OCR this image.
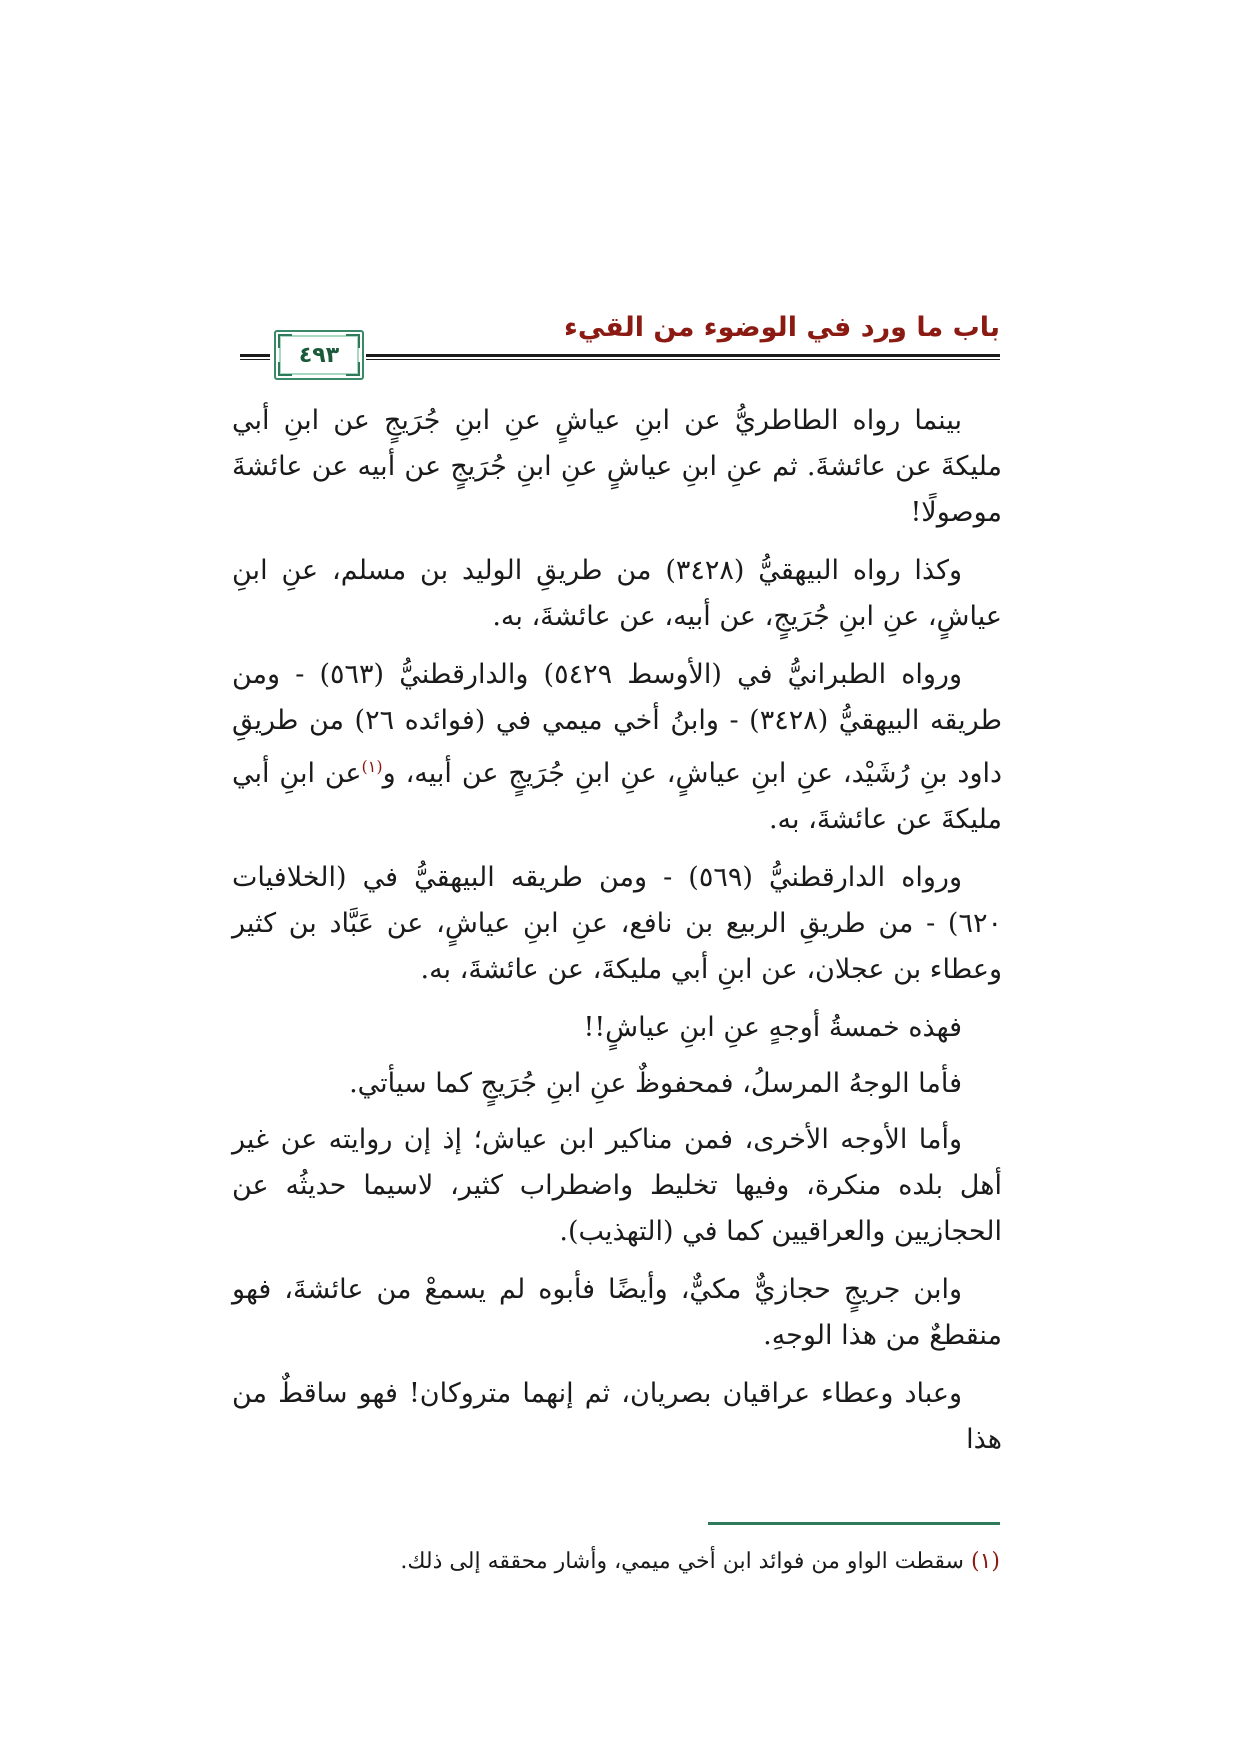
باب ما ورد في الوضوء من القيء
٤٩٣

بينما رواه الطاطريُّ عن ابنِ عياشٍ عنِ ابنِ جُرَيجٍ عن ابنِ أبي مليكةَ عن عائشةَ. ثم عنِ ابنِ عياشٍ عنِ ابنِ جُرَيجٍ عن أبيه عن عائشةَ موصولًا!

وكذا رواه البيهقيُّ (٣٤٢٨) من طريقِ الوليد بن مسلم، عنِ ابنِ عياشٍ، عنِ ابنِ جُرَيجٍ، عن أبيه، عن عائشةَ، به.

ورواه الطبرانيُّ في (الأوسط ٥٤٢٩) والدارقطنيُّ (٥٦٣) - ومن طريقه البيهقيُّ (٣٤٢٨) - وابنُ أخي ميمي في (فوائده ٢٦) من طريقِ داود بنِ رُشَيْد، عنِ ابنِ عياشٍ، عنِ ابنِ جُرَيجٍ عن أبيه، و$^{(١)}$عن ابنِ أبي مليكةَ عن عائشةَ، به.

ورواه الدارقطنيُّ (٥٦٩) - ومن طريقه البيهقيُّ في (الخلافيات ٦٢٠) - من طريقِ الربيع بن نافع، عنِ ابنِ عياشٍ، عن عَبَّاد بن كثير وعطاء بن عجلان، عن ابنِ أبي مليكةَ، عن عائشةَ، به.

فهذه خمسةُ أوجهٍ عنِ ابنِ عياشٍ!!

فأما الوجهُ المرسلُ، فمحفوظٌ عنِ ابنِ جُرَيجٍ كما سيأتي.

وأما الأوجه الأخرى، فمن مناكير ابن عياش؛ إذ إن روايته عن غير أهل بلده منكرة، وفيها تخليط واضطراب كثير، لاسيما حديثُه عن الحجازيين والعراقيين كما في (التهذيب).

وابن جريجٍ حجازيٌّ مكيٌّ، وأيضًا فأبوه لم يسمعْ من عائشةَ، فهو منقطعٌ من هذا الوجهِ.

وعباد وعطاء عراقيان بصريان، ثم إنهما متروكان! فهو ساقطٌ من هذا

(١) سقطت الواو من فوائد ابن أخي ميمي، وأشار محققه إلى ذلك.
